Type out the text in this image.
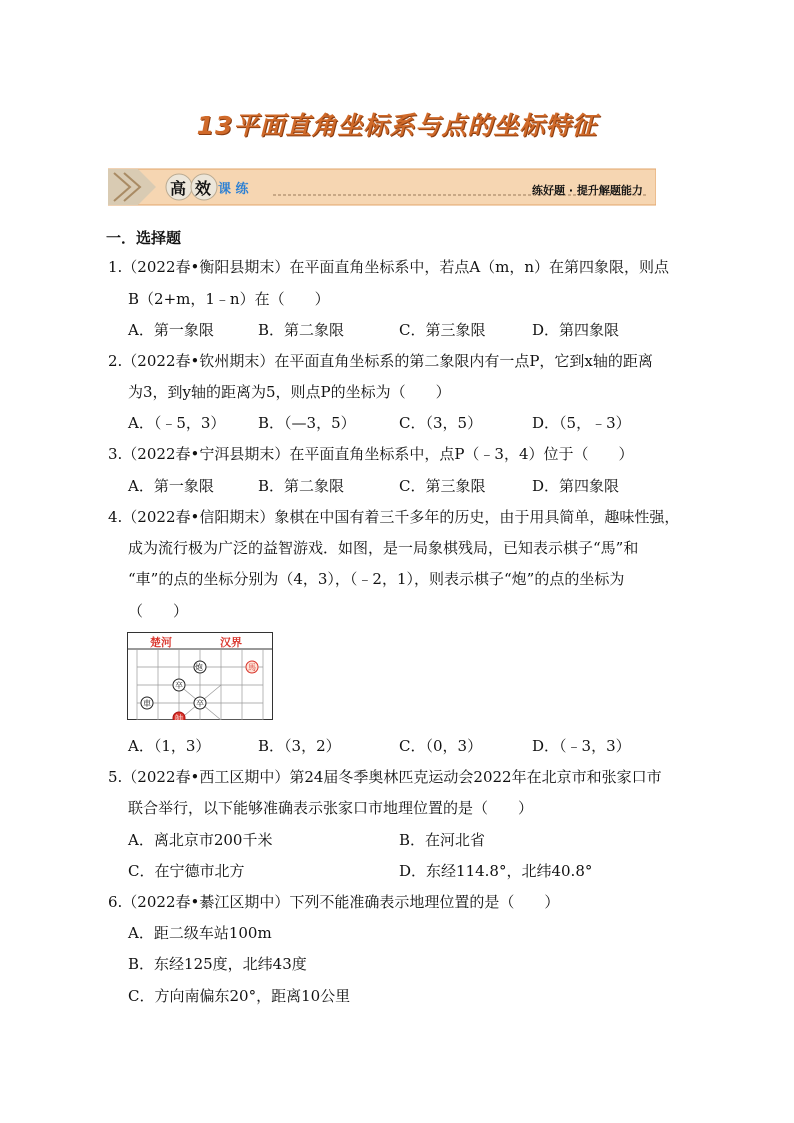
13平面直角坐标系与点的坐标特征
高 效 课 练	练好题 · 提升解题能力
一．选择题
1.（2022春•衡阳县期末）在平面直角坐标系中，若点A（m，n）在第四象限，则点
B（2+m，1﹣n）在（　　）
A．第一象限	B．第二象限	C．第三象限	D．第四象限
2.（2022春•钦州期末）在平面直角坐标系的第二象限内有一点P，它到x轴的距离
为3，到y轴的距离为5，则点P的坐标为（　　）
A．（﹣5，3） B．（—3，5）	C．（3，5）	D．（5，﹣3）
3.（2022春•宁洱县期末）在平面直角坐标系中，点P（﹣3，4）位于（　　）
A．第一象限	B．第二象限	C．第三象限	D．第四象限
4.（2022春•信阳期末）象棋在中国有着三千多年的历史，由于用具简单，趣味性强，
成为流行极为广泛的益智游戏．如图，是一局象棋残局，已知表示棋子“馬”和
“車”的点的坐标分别为（4，3），（﹣2，1），则表示棋子“炮”的点的坐标为
（　　）
楚河	汉界
炮	馬
卒
車	卒
帥
A．（1，3）	B．（3，2）	C．（0，3）	D．（﹣3，3）
5.（2022春•西工区期中）第24届冬季奥林匹克运动会2022年在北京市和张家口市
联合举行，以下能够准确表示张家口市地理位置的是（　　）
A．离北京市200千米	B．在河北省
C．在宁德市北方	D．东经114.8°，北纬40.8°
6.（2022春•綦江区期中）下列不能准确表示地理位置的是（　　）
A．距二级车站100m
B．东经125度，北纬43度
C．方向南偏东20°，距离10公里
